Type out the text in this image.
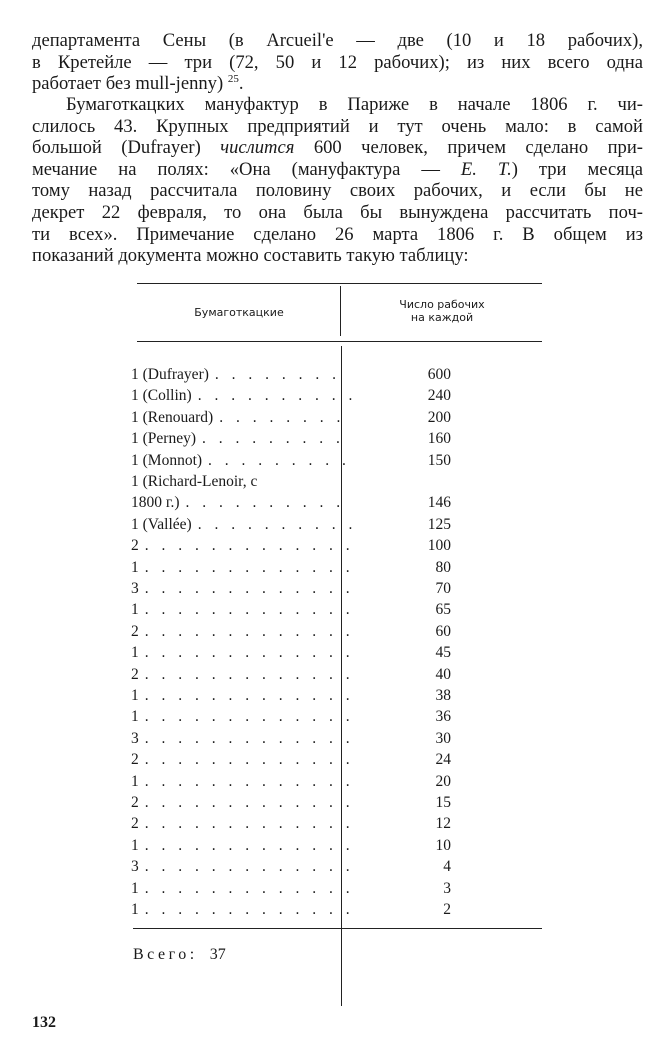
департамента Сены (в Arcueil'е — две (10 и 18 рабочих),
в Кретейле — три (72, 50 и 12 рабочих); из них всего одна
работает без mull-jenny) $^{25}$.
Бумаготкацких мануфактур в Париже в начале 1806 г. чи-
слилось 43. Крупных предприятий и тут очень мало: в самой
большой (Dufrayer) числится 600 человек, причем сделано при-
мечание на полях: «Она (мануфактура — Е. Т.) три месяца
тому назад рассчитала половину своих рабочих, и если бы не
декрет 22 февраля, то она была бы вынуждена рассчитать поч-
ти всех». Примечание сделано 26 марта 1806 г. В общем из
показаний документа можно составить такую таблицу:
Бумаготкацкие
Число рабочих
на каждой
1 (Dufrayer)	600
. . . . . . . .
1 (Collin)	240
. . . . . . . . . .
1 (Renouard)	200
. . . . . . . .
1 (Perney)	160
. . . . . . . . .
1 (Monnot)	150
. . . . . . . . .
1 (Richard-Lenoir, с
1800 г.)	146
. . . . . . . . . .
1 (Vallée)	125
. . . . . . . . . .
2	100
. . . . . . . . . . . . .
1	80
. . . . . . . . . . . . .
3	70
. . . . . . . . . . . . .
1	65
. . . . . . . . . . . . .
2	60
. . . . . . . . . . . . .
1	45
. . . . . . . . . . . . .
2	40
. . . . . . . . . . . . .
1	38
. . . . . . . . . . . . .
1	36
. . . . . . . . . . . . .
3	30
. . . . . . . . . . . . .
2	24
. . . . . . . . . . . . .
1	20
. . . . . . . . . . . . .
2	15
. . . . . . . . . . . . .
2	12
. . . . . . . . . . . . .
1	10
. . . . . . . . . . . . .
3	4
. . . . . . . . . . . . .
1	3
. . . . . . . . . . . . .
1	2
. . . . . . . . . . . . .
Всего: 37
132
